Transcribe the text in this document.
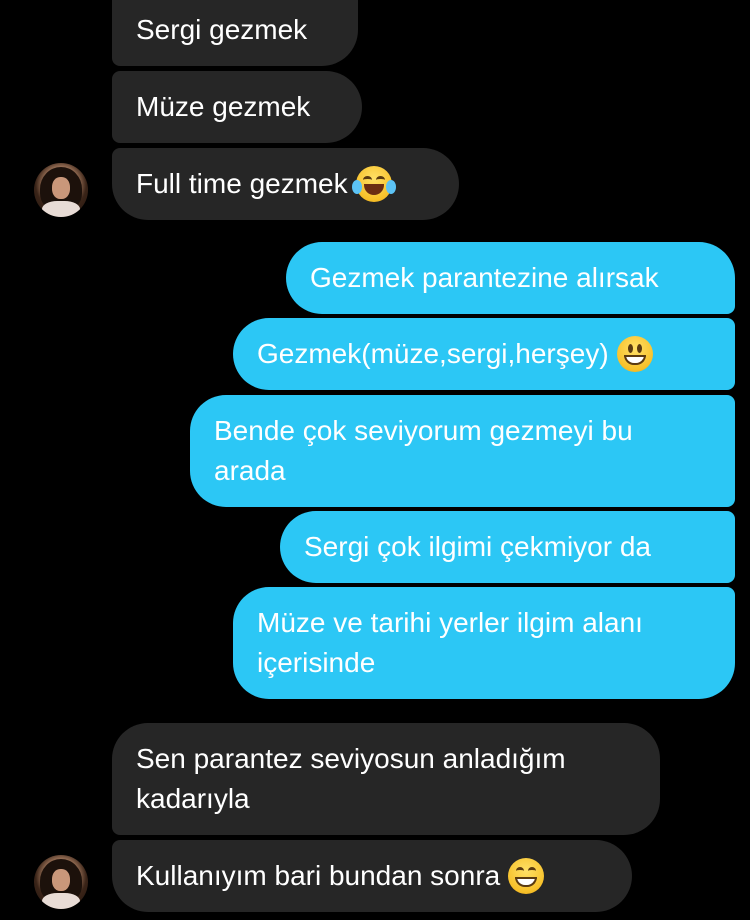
Sergi gezmek
Müze gezmek
Full time gezmek
Gezmek parantezine alırsak
Gezmek(müze,sergi,herşey)
Bende çok seviyorum gezmeyi bu arada
Sergi çok ilgimi çekmiyor da
Müze ve tarihi yerler ilgim alanı içerisinde
Sen parantez seviyosun anladığım kadarıyla
Kullanıyım bari bundan sonra
